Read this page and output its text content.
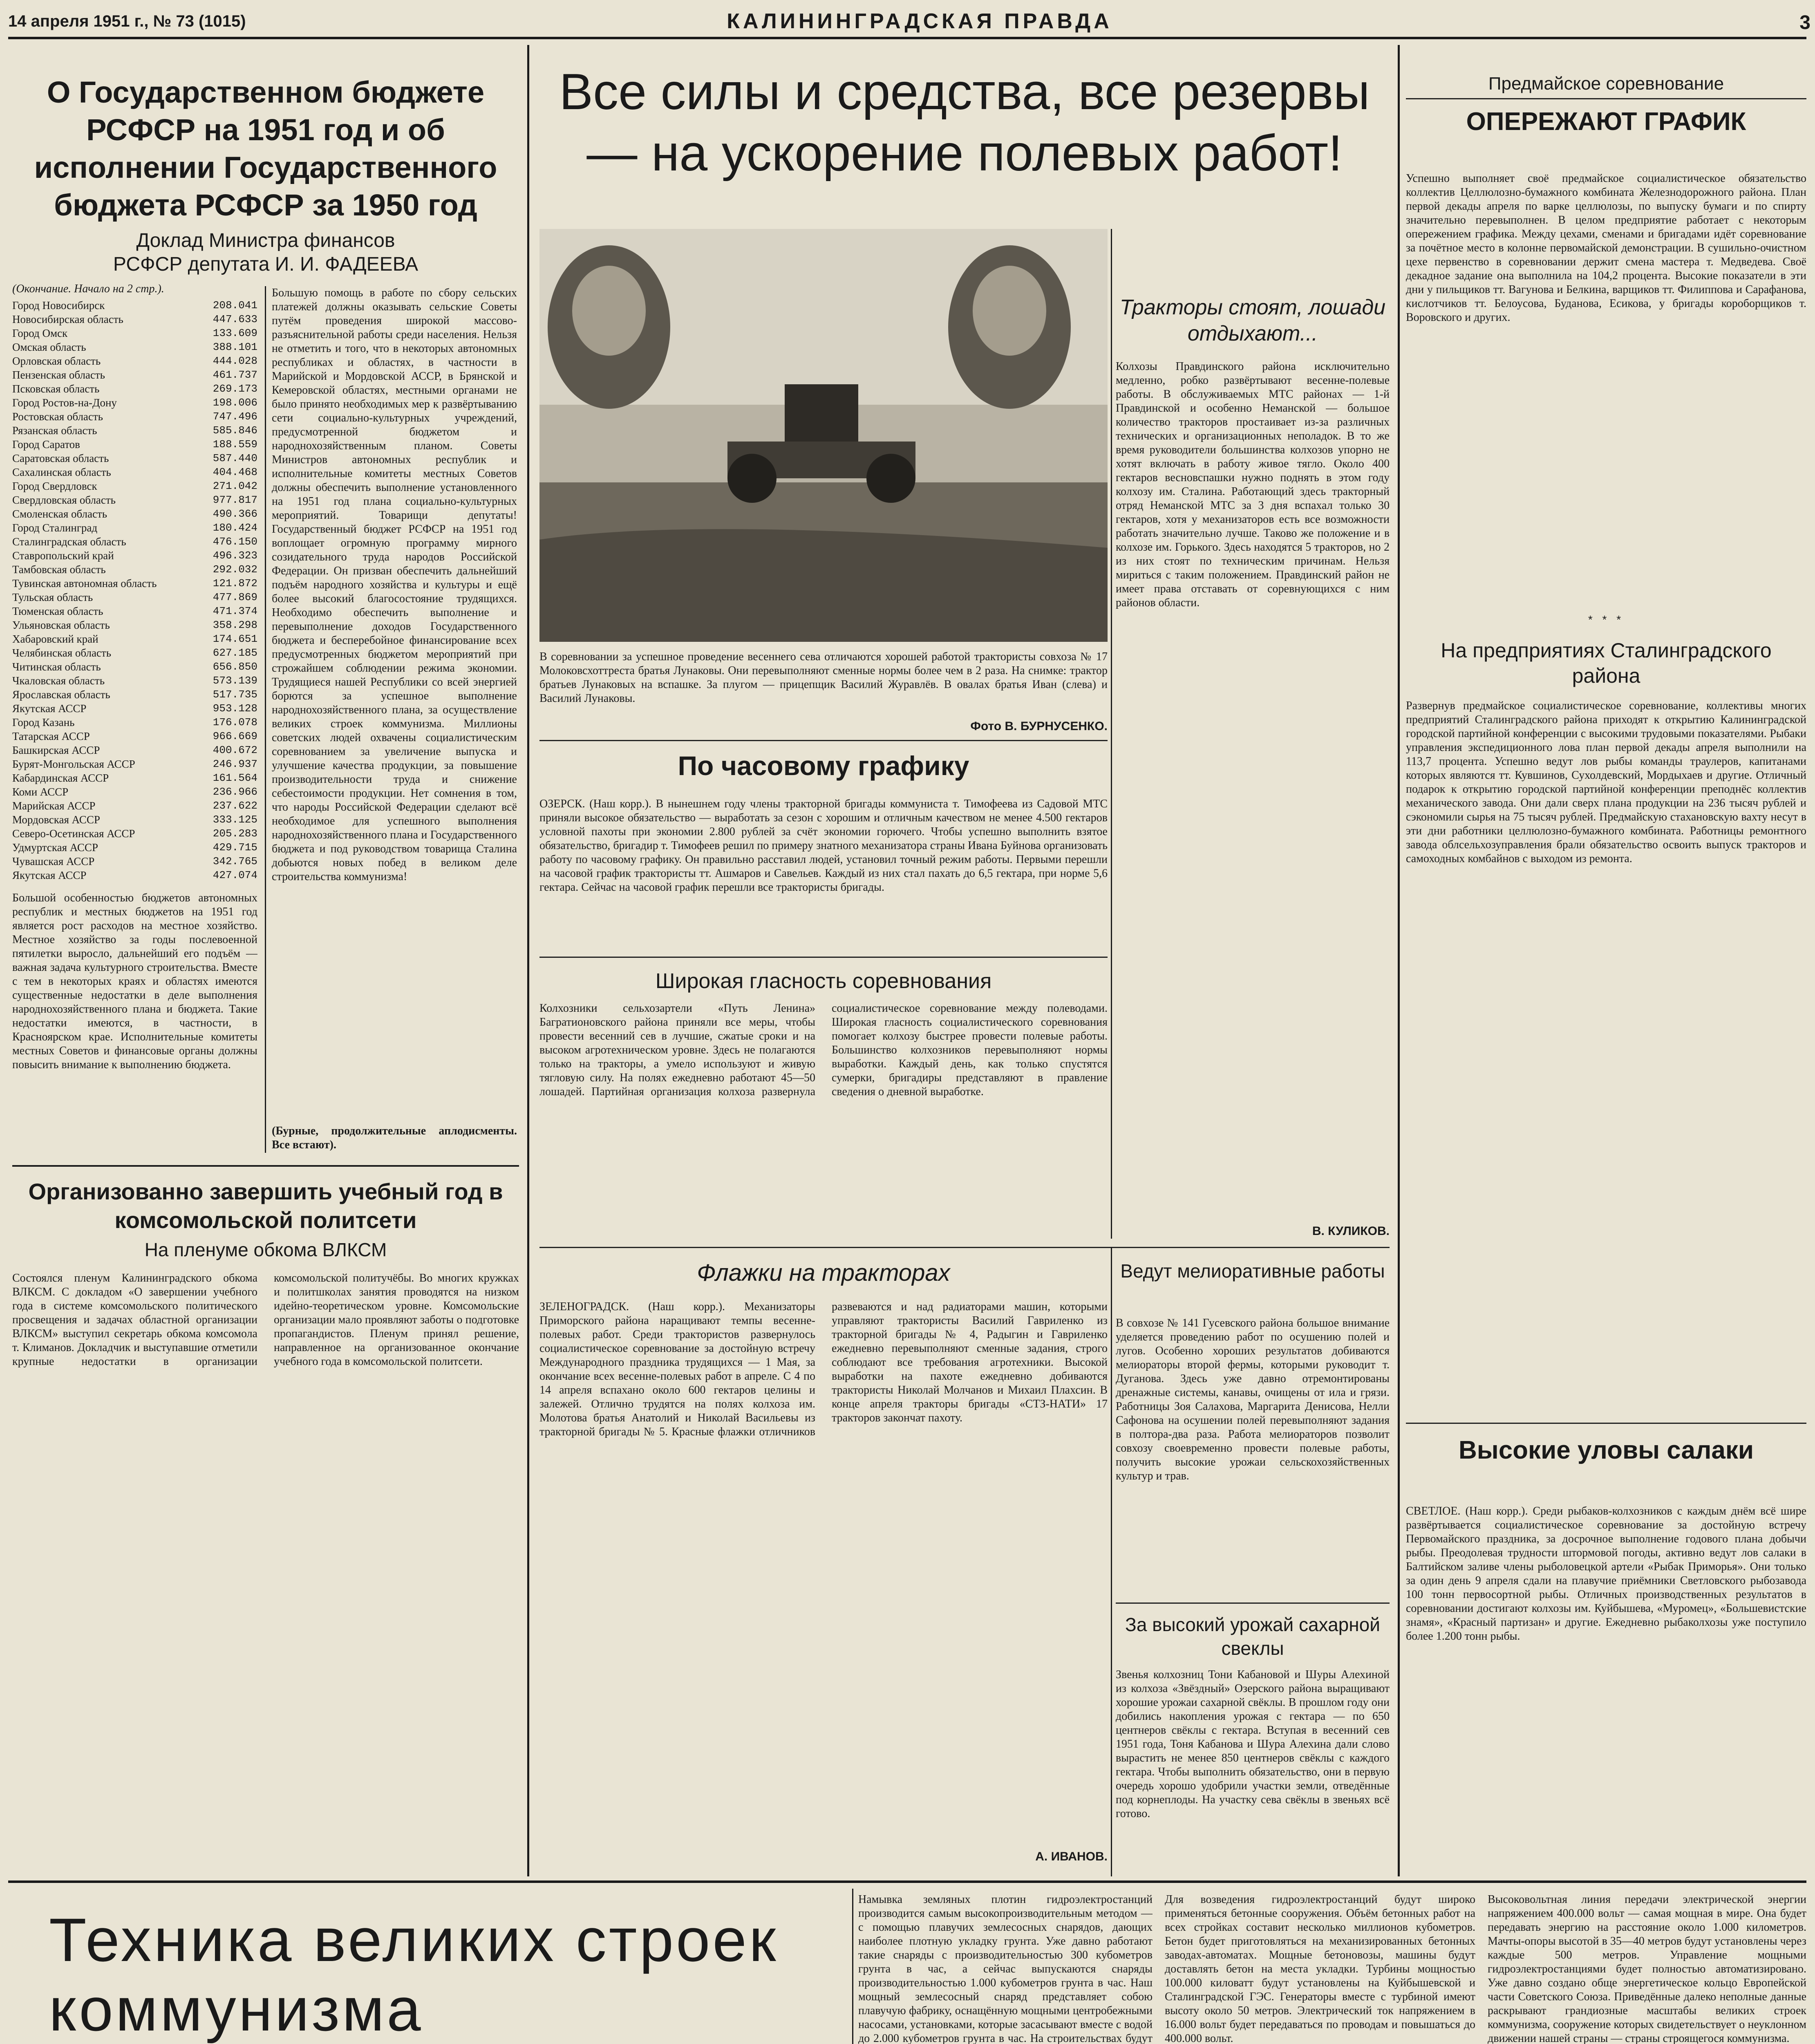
14 апреля 1951 г., № 73 (1015)	КАЛИНИНГРАДСКАЯ ПРАВДА	3
О Государственном бюджете РСФСР на 1951 год и об исполнении Государственного бюджета РСФСР за 1950 год
Доклад Министра финансов РСФСР депутата И. И. ФАДЕЕВА
(Окончание. Начало на 2 стр.).
Город Новосибирск	208.041
Новосибирская область	447.633
Город Омск	133.609
Омская область	388.101
Орловская область	444.028
Пензенская область	461.737
Псковская область	269.173
Город Ростов-на-Дону	198.006
Ростовская область	747.496
Рязанская область	585.846
Город Саратов	188.559
Саратовская область	587.440
Сахалинская область	404.468
Город Свердловск	271.042
Свердловская область	977.817
Смоленская область	490.366
Город Сталинград	180.424
Сталинградская область	476.150
Ставропольский край	496.323
Тамбовская область	292.032
Тувинская автономная область	121.872
Тульская область	477.869
Тюменская область	471.374
Ульяновская область	358.298
Хабаровский край	174.651
Челябинская область	627.185
Читинская область	656.850
Чкаловская область	573.139
Ярославская область	517.735
Якутская АССР	953.128
Город Казань	176.078
Татарская АССР	966.669
Башкирская АССР	400.672
Бурят-Монгольская АССР	246.937
Кабардинская АССР	161.564
Коми АССР	236.966
Марийская АССР	237.622
Мордовская АССР	333.125
Северо-Осетинская АССР	205.283
Удмуртская АССР	429.715
Чувашская АССР	342.765
Якутская АССР	427.074
Большой особенностью бюджетов автономных республик и местных бюджетов на 1951 год является рост расходов на местное хозяйство. Местное хозяйство за годы послевоенной пятилетки выросло, дальнейший его подъём — важная задача культурного строительства. Вместе с тем в некоторых краях и областях имеются существенные недостатки в деле выполнения народнохозяйственного плана и бюджета. Такие недостатки имеются, в частности, в Красноярском крае. Исполнительные комитеты местных Советов и финансовые органы должны повысить внимание к выполнению бюджета.
Большую помощь в работе по сбору сельских платежей должны оказывать сельские Советы путём проведения широкой массово-разъяснительной работы среди населения. Нельзя не отметить и того, что в некоторых автономных республиках и областях, в частности в Марийской и Мордовской АССР, в Брянской и Кемеровской областях, местными органами не было принято необходимых мер к развёртыванию сети социально-культурных учреждений, предусмотренной бюджетом и народнохозяйственным планом. Советы Министров автономных республик и исполнительные комитеты местных Советов должны обеспечить выполнение установленного на 1951 год плана социально-культурных мероприятий. Товарищи депутаты! Государственный бюджет РСФСР на 1951 год воплощает огромную программу мирного созидательного труда народов Российской Федерации. Он призван обеспечить дальнейший подъём народного хозяйства и культуры и ещё более высокий благосостояние трудящихся. Необходимо обеспечить выполнение и перевыполнение доходов Государственного бюджета и бесперебойное финансирование всех предусмотренных бюджетом мероприятий при строжайшем соблюдении режима экономии. Трудящиеся нашей Республики со всей энергией борются за успешное выполнение народнохозяйственного плана, за осуществление великих строек коммунизма. Миллионы советских людей охвачены социалистическим соревнованием за увеличение выпуска и улучшение качества продукции, за повышение производительности труда и снижение себестоимости продукции. Нет сомнения в том, что народы Российской Федерации сделают всё необходимое для успешного выполнения народнохозяйственного плана и Государственного бюджета и под руководством товарища Сталина добьются новых побед в великом деле строительства коммунизма!
(Бурные, продолжительные аплодисменты. Все встают).
Организованно завершить учебный год в комсомольской политсети
На пленуме обкома ВЛКСМ
Состоялся пленум Калининградского обкома ВЛКСМ. С докладом «О завершении учебного года в системе комсомольского политического просвещения и задачах областной организации ВЛКСМ» выступил секретарь обкома комсомола т. Климанов. Докладчик и выступавшие отметили крупные недостатки в организации комсомольской политучёбы. Во многих кружках и политшколах занятия проводятся на низком идейно-теоретическом уровне. Комсомольские организации мало проявляют заботы о подготовке пропагандистов. Пленум принял решение, направленное на организованное окончание учебного года в комсомольской политсети.
Все силы и средства, все резервы— на ускорение полевых работ!
Тракторы стоят, лошади отдыхают...
Колхозы Правдинского района исключительно медленно, робко развёртывают весенне-полевые работы. В обслуживаемых МТС районах — 1-й Правдинской и особенно Неманской — большое количество тракторов простаивает из-за различных технических и организационных неполадок. В то же время руководители большинства колхозов упорно не хотят включать в работу живое тягло. Около 400 гектаров весновспашки нужно поднять в этом году колхозу им. Сталина. Работающий здесь тракторный отряд Неманской МТС за 3 дня вспахал только 30 гектаров, хотя у механизаторов есть все возможности работать значительно лучше. Таково же положение и в колхозе им. Горького. Здесь находятся 5 тракторов, но 2 из них стоят по техническим причинам. Нельзя мириться с таким положением. Правдинский район не имеет права отставать от соревнующихся с ним районов области.
В. КУЛИКОВ.
В соревновании за успешное проведение весеннего сева отличаются хорошей работой трактористы совхоза № 17 Молоковсхоттреста братья Лунаковы. Они перевыполняют сменные нормы более чем в 2 раза. На снимке: трактор братьев Лунаковых на вспашке. За плугом — прицепщик Василий Журавлёв. В овалах братья Иван (слева) и Василий Лунаковы.
Фото В. БУРНУСЕНКО.
По часовому графику
ОЗЕРСК. (Наш корр.). В нынешнем году члены тракторной бригады коммуниста т. Тимофеева из Садовой МТС приняли высокое обязательство — выработать за сезон с хорошим и отличным качеством не менее 4.500 гектаров условной пахоты при экономии 2.800 рублей за счёт экономии горючего. Чтобы успешно выполнить взятое обязательство, бригадир т. Тимофеев решил по примеру знатного механизатора страны Ивана Буйнова организовать работу по часовому графику. Он правильно расставил людей, установил точный режим работы. Первыми перешли на часовой график трактористы тт. Ашмаров и Савельев. Каждый из них стал пахать до 6,5 гектара, при норме 5,6 гектара. Сейчас на часовой график перешли все трактористы бригады.
Широкая гласность соревнования
Колхозники сельхозартели «Путь Ленина» Багратионовского района приняли все меры, чтобы провести весенний сев в лучшие, сжатые сроки и на высоком агротехническом уровне. Здесь не полагаются только на тракторы, а умело используют и живую тягловую силу. На полях ежедневно работают 45—50 лошадей. Партийная организация колхоза развернула социалистическое соревнование между полеводами. Широкая гласность социалистического соревнования помогает колхозу быстрее провести полевые работы. Большинство колхозников перевыполняют нормы выработки. Каждый день, как только спустятся сумерки, бригадиры представляют в правление сведения о дневной выработке.
Флажки на тракторах
ЗЕЛЕНОГРАДСК. (Наш корр.). Механизаторы Приморского района наращивают темпы весенне-полевых работ. Среди трактористов развернулось социалистическое соревнование за достойную встречу Международного праздника трудящихся — 1 Мая, за окончание всех весенне-полевых работ в апреле. С 4 по 14 апреля вспахано около 600 гектаров целины и залежей. Отлично трудятся на полях колхоза им. Молотова братья Анатолий и Николай Васильевы из тракторной бригады № 5. Красные флажки отличников развеваются и над радиаторами машин, которыми управляют трактористы Василий Гавриленко из тракторной бригады № 4, Радыгин и Гавриленко ежедневно перевыполняют сменные задания, строго соблюдают все требования агротехники. Высокой выработки на пахоте ежедневно добиваются трактористы Николай Молчанов и Михаил Плахсин. В конце апреля тракторы бригады «СТЗ-НАТИ» 17 тракторов закончат пахоту.
А. ИВАНОВ.
Ведут мелиоративные работы
В совхозе № 141 Гусевского района большое внимание уделяется проведению работ по осушению полей и лугов. Особенно хороших результатов добиваются мелиораторы второй фермы, которыми руководит т. Дуганова. Здесь уже давно отремонтированы дренажные системы, канавы, очищены от ила и грязи. Работницы Зоя Салахова, Маргарита Денисова, Нелли Сафонова на осушении полей перевыполняют задания в полтора-два раза. Работа мелиораторов позволит совхозу своевременно провести полевые работы, получить высокие урожаи сельскохозяйственных культур и трав.
За высокий урожай сахарной свеклы
Звенья колхозниц Тони Кабановой и Шуры Алехиной из колхоза «Звёздный» Озерского района выращивают хорошие урожаи сахарной свёклы. В прошлом году они добились накопления урожая с гектара — по 650 центнеров свёклы с гектара. Вступая в весенний сев 1951 года, Тоня Кабанова и Шура Алехина дали слово вырастить не менее 850 центнеров свёклы с каждого гектара. Чтобы выполнить обязательство, они в первую очередь хорошо удобрили участки земли, отведённые под корнеплоды. На участку сева свёклы в звеньях всё готово.
Предмайское соревнование
ОПЕРЕЖАЮТ ГРАФИК
Успешно выполняет своё предмайское социалистическое обязательство коллектив Целлюлозно-бумажного комбината Железнодорожного района. План первой декады апреля по варке целлюлозы, по выпуску бумаги и по спирту значительно перевыполнен. В целом предприятие работает с некоторым опережением графика. Между цехами, сменами и бригадами идёт соревнование за почётное место в колонне первомайской демонстрации. В сушильно-очистном цехе первенство в соревновании держит смена мастера т. Медведева. Своё декадное задание она выполнила на 104,2 процента. Высокие показатели в эти дни у пильщиков тт. Вагунова и Белкина, варщиков тт. Филиппова и Сарафанова, кислотчиков тт. Белоусова, Буданова, Есикова, у бригады короборщиков т. Воровского и других.
* * *
На предприятиях Сталинградского района
Развернув предмайское социалистическое соревнование, коллективы многих предприятий Сталинградского района приходят к открытию Калининградской городской партийной конференции с высокими трудовыми показателями. Рыбаки управления экспедиционного лова план первой декады апреля выполнили на 113,7 процента. Успешно ведут лов рыбы команды траулеров, капитанами которых являются тт. Кувшинов, Сухолдевский, Мордыхаев и другие. Отличный подарок к открытию городской партийной конференции преподнёс коллектив механического завода. Они дали сверх плана продукции на 236 тысяч рублей и сэкономили сырья на 75 тысяч рублей. Предмайскую стахановскую вахту несут в эти дни работники целлюлозно-бумажного комбината. Работницы ремонтного завода облсельхозуправления брали обязательство освоить выпуск тракторов и самоходных комбайнов с выходом из ремонта.
Высокие уловы салаки
СВЕТЛОЕ. (Наш корр.). Среди рыбаков-колхозников с каждым днём всё шире развёртывается социалистическое соревнование за достойную встречу Первомайского праздника, за досрочное выполнение годового плана добычи рыбы. Преодолевая трудности штормовой погоды, активно ведут лов салаки в Балтийском заливе члены рыболовецкой артели «Рыбак Приморья». Они только за один день 9 апреля сдали на плавучие приёмники Светловского рыбозавода 100 тонн первосортной рыбы. Отличных производственных результатов в соревновании достигают колхозы им. Куйбышева, «Муромец», «Большевистские знамя», «Красный партизан» и другие. Ежедневно рыбаколхозы уже поступило более 1.200 тонн рыбы.
Техника великих строек коммунизма
Намывка земляных плотин гидроэлектростанций производится самым высокопроизводительным методом — с помощью плавучих землесосных снарядов, дающих наиболее плотную укладку грунта. Уже давно работают такие снаряды с производительностью 300 кубометров грунта в час, а сейчас выпускаются снаряды производительностью 1.000 кубометров грунта в час. Наш мощный землесосный снаряд представляет собою плавучую фабрику, оснащённую мощными центробежными насосами, установками, которые засасывают вместе с водой до 2.000 кубометров грунта в час. На строительствах будут
Для возведения гидроэлектростанций будут широко применяться бетонные сооружения. Объём бетонных работ на всех стройках составит несколько миллионов кубометров. Бетон будет приготовляться на механизированных бетонных заводах-автоматах. Мощные бетоновозы, машины будут доставлять бетон на места укладки. Турбины мощностью 100.000 киловатт будут установлены на Куйбышевской и Сталинградской ГЭС. Генераторы вместе с турбиной имеют высоту около 50 метров. Электрический ток напряжением в 16.000 вольт будет передаваться по проводам и повышаться до 400.000 вольт.
Высоковольтная линия передачи электрической энергии напряжением 400.000 вольт — самая мощная в мире. Она будет передавать энергию на расстояние около 1.000 километров. Мачты-опоры высотой в 35—40 метров будут установлены через каждые 500 метров. Управление мощными гидроэлектростанциями будет полностью автоматизировано. Уже давно создано обще энергетическое кольцо Европейской части Советского Союза. Приведённые далеко неполные данные раскрывают грандиозные масштабы великих строек коммунизма, сооружение которых свидетельствует о неуклонном движении нашей страны — страны строящегося коммунизма.
